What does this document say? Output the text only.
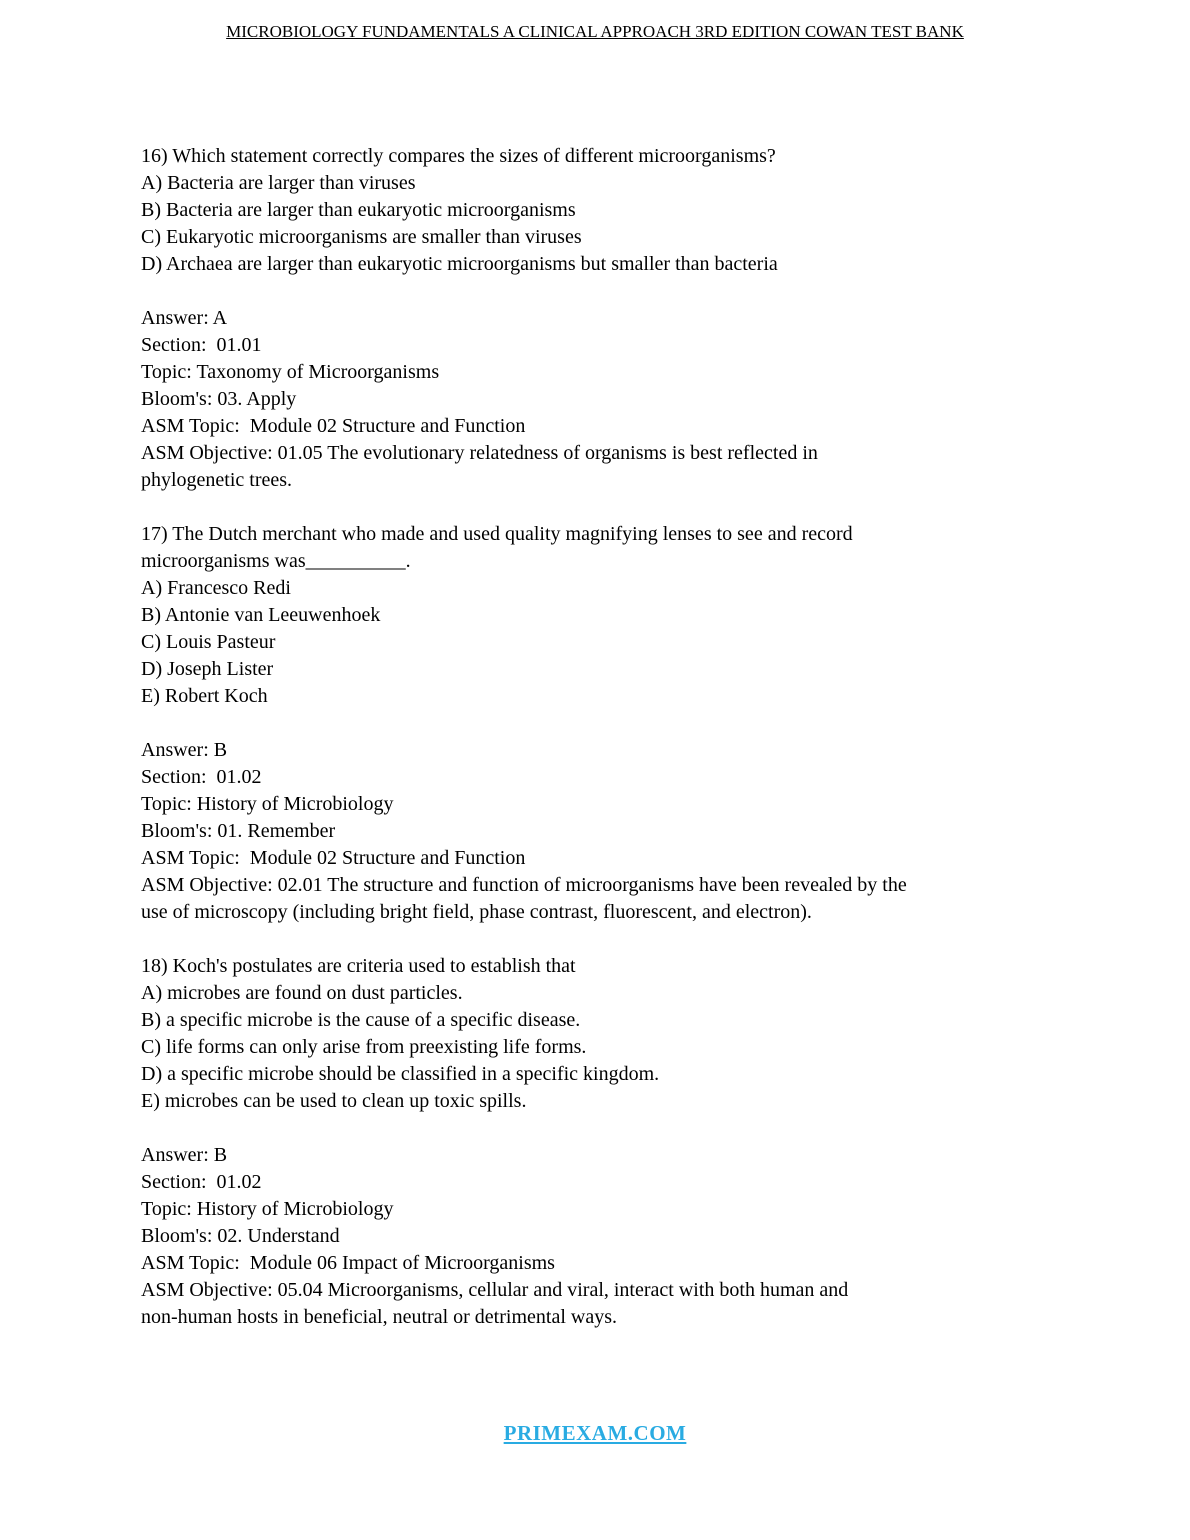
MICROBIOLOGY FUNDAMENTALS A CLINICAL APPROACH 3RD EDITION COWAN TEST BANK
16) Which statement correctly compares the sizes of different microorganisms?
A) Bacteria are larger than viruses
B) Bacteria are larger than eukaryotic microorganisms
C) Eukaryotic microorganisms are smaller than viruses
D) Archaea are larger than eukaryotic microorganisms but smaller than bacteria
Answer: A
Section:  01.01
Topic: Taxonomy of Microorganisms
Bloom's: 03. Apply
ASM Topic:  Module 02 Structure and Function
ASM Objective: 01.05 The evolutionary relatedness of organisms is best reflected in
phylogenetic trees.
17) The Dutch merchant who made and used quality magnifying lenses to see and record
microorganisms was__________.
A) Francesco Redi
B) Antonie van Leeuwenhoek
C) Louis Pasteur
D) Joseph Lister
E) Robert Koch
Answer: B
Section:  01.02
Topic: History of Microbiology
Bloom's: 01. Remember
ASM Topic:  Module 02 Structure and Function
ASM Objective: 02.01 The structure and function of microorganisms have been revealed by the
use of microscopy (including bright field, phase contrast, fluorescent, and electron).
18) Koch's postulates are criteria used to establish that
A) microbes are found on dust particles.
B) a specific microbe is the cause of a specific disease.
C) life forms can only arise from preexisting life forms.
D) a specific microbe should be classified in a specific kingdom.
E) microbes can be used to clean up toxic spills.
Answer: B
Section:  01.02
Topic: History of Microbiology
Bloom's: 02. Understand
ASM Topic:  Module 06 Impact of Microorganisms
ASM Objective: 05.04 Microorganisms, cellular and viral, interact with both human and
non-human hosts in beneficial, neutral or detrimental ways.
PRIMEXAM.COM
